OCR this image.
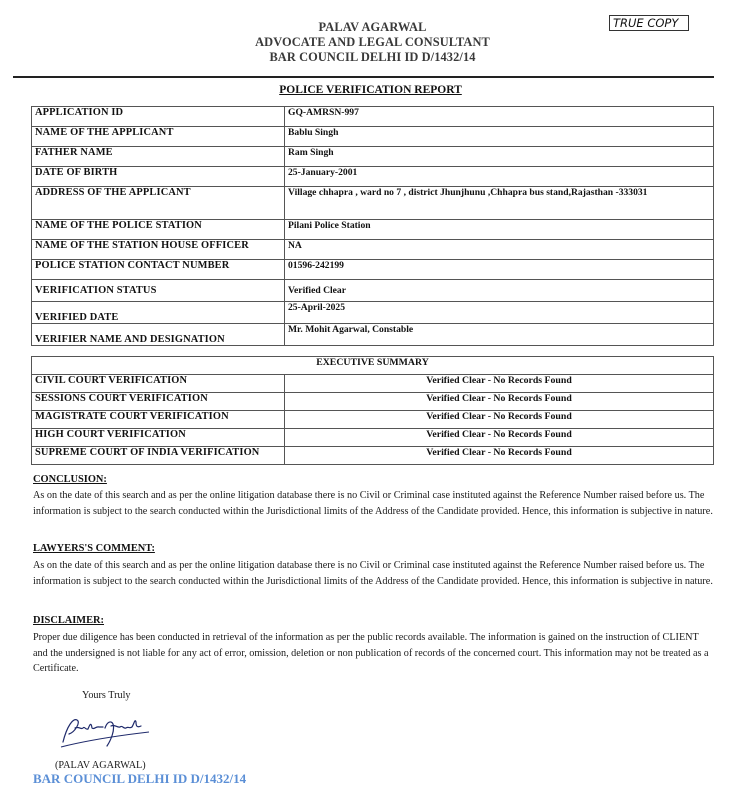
PALAV AGARWAL
ADVOCATE AND LEGAL CONSULTANT
BAR COUNCIL DELHI ID D/1432/14
TRUE COPY
POLICE VERIFICATION REPORT
APPLICATION ID	GQ-AMRSN-997
NAME OF THE APPLICANT	Bablu Singh
FATHER NAME	Ram Singh
DATE OF BIRTH	25-January-2001
ADDRESS OF THE APPLICANT	Village chhapra , ward no 7 , district Jhunjhunu ,Chhapra bus stand,Rajasthan -333031
NAME OF THE POLICE STATION	Pilani Police Station
NAME OF THE STATION HOUSE OFFICER	NA
POLICE STATION CONTACT NUMBER	01596-242199
VERIFICATION STATUS	Verified Clear
VERIFIED DATE	25-April-2025
VERIFIER NAME AND DESIGNATION	Mr. Mohit Agarwal, Constable
EXECUTIVE SUMMARY	
CIVIL COURT VERIFICATION	Verified Clear - No Records Found
SESSIONS COURT VERIFICATION	Verified Clear - No Records Found
MAGISTRATE COURT VERIFICATION	Verified Clear - No Records Found
HIGH COURT VERIFICATION	Verified Clear - No Records Found
SUPREME COURT OF INDIA VERIFICATION	Verified Clear - No Records Found
CONCLUSION:
As on the date of this search and as per the online litigation database there is no Civil or Criminal case instituted against the Reference Number raised before us. The information is subject to the search conducted within the Jurisdictional limits of the Address of the Candidate provided. Hence, this information is subjective in nature.
LAWYERS'S COMMENT:
As on the date of this search and as per the online litigation database there is no Civil or Criminal case instituted against the Reference Number raised before us. The information is subject to the search conducted within the Jurisdictional limits of the Address of the Candidate provided. Hence, this information is subjective in nature.
DISCLAIMER:
Proper due diligence has been conducted in retrieval of the information as per the public records available. The information is gained on the instruction of CLIENT and the undersigned is not liable for any act of error, omission, deletion or non publication of records of the concerned court. This information may not be treated as a Certificate.
Yours Truly
(PALAV AGARWAL)
BAR COUNCIL DELHI ID D/1432/14
